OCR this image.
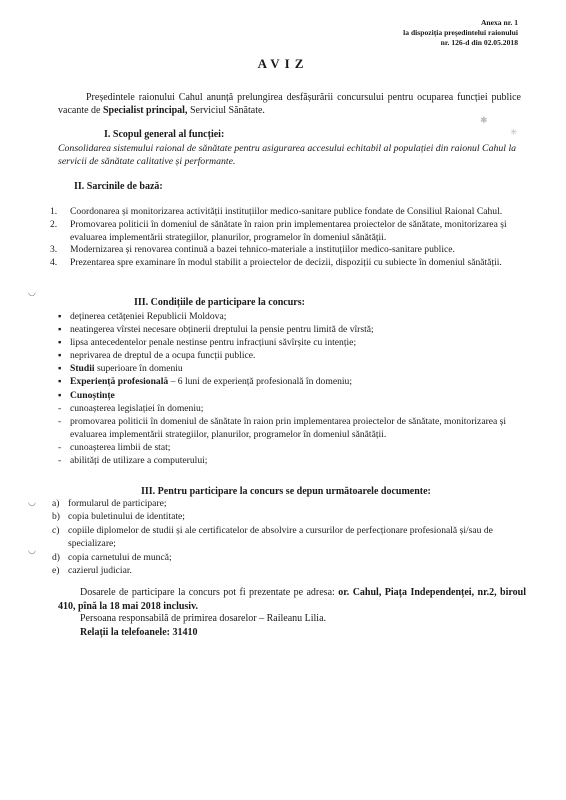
Anexa nr. 1
la dispoziția președintelui raionului
nr. 126-d din 02.05.2018
AVIZ
Președintele raionului Cahul anunță prelungirea desfășurării concursului pentru ocuparea funcției publice vacante de Specialist principal, Serviciul Sănătate.
I. Scopul general al funcției:
Consolidarea sistemului raional de sănătate pentru asigurarea accesului echitabil al populației din raionul Cahul la servicii de sănătate calitative și performante.
II. Sarcinile de bază:
1. Coordonarea și monitorizarea activității instituțiilor medico-sanitare publice fondate de Consiliul Raional Cahul.
2. Promovarea politicii în domeniul de sănătate în raion prin implementarea proiectelor de sănătate, monitorizarea și evaluarea implementării strategiilor, planurilor, programelor în domeniul sănătății.
3. Modernizarea și renovarea continuă a bazei tehnico-materiale a instituțiilor medico-sanitare publice.
4. Prezentarea spre examinare în modul stabilit a proiectelor de decizii, dispoziții cu subiecte în domeniul sănătății.
III. Condițiile de participare la concurs:
▪ deținerea cetățeniei Republicii Moldova;
▪ neatingerea vîrstei necesare obținerii dreptului la pensie pentru limită de vîrstă;
▪ lipsa antecedentelor penale nestinse pentru infracțiuni săvîrșite cu intenție;
▪ neprivarea de dreptul de a ocupa funcții publice.
▪ Studii superioare în domeniu
▪ Experiență profesională – 6 luni de experiență profesională în domeniu;
▪ Cunoștințe
- cunoașterea legislației în domeniu;
- promovarea politicii în domeniul de sănătate în raion prin implementarea proiectelor de sănătate, monitorizarea și evaluarea implementării strategiilor, planurilor, programelor în domeniul sănătății.
- cunoașterea limbii de stat;
- abilități de utilizare a computerului;
III. Pentru participare la concurs se depun următoarele documente:
a) formularul de participare;
b) copia buletinului de identitate;
c) copiile diplomelor de studii și ale certificatelor de absolvire a cursurilor de perfecționare profesională și/sau de specializare;
d) copia carnetului de muncă;
e) cazierul judiciar.
Dosarele de participare la concurs pot fi prezentate pe adresa: or. Cahul, Piața Independenței, nr.2, biroul 410, pînă la 18 mai 2018 inclusiv.
Persoana responsabilă de primirea dosarelor – Raileanu Lilia.
Relații la telefoanele: 31410
◡
◡
◡
✱
✳
